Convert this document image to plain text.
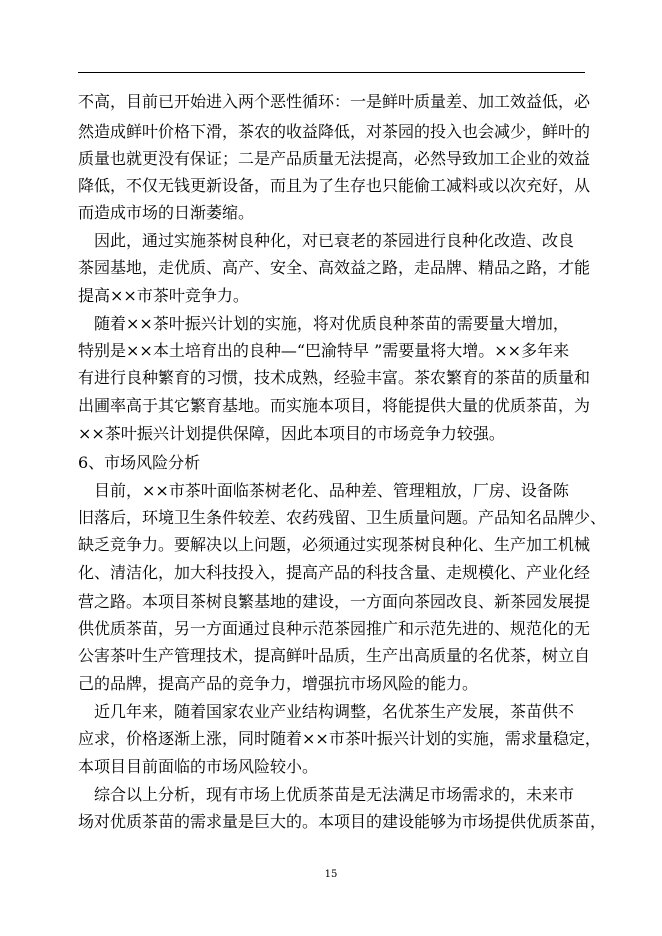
不高，目前已开始进入两个恶性循环：一是鲜叶质量差、加工效益低，必
然造成鲜叶价格下滑，茶农的收益降低，对茶园的投入也会减少，鲜叶的
质量也就更没有保证；二是产品质量无法提高，必然导致加工企业的效益
降低，不仅无钱更新设备，而且为了生存也只能偷工减料或以次充好，从
而造成市场的日渐萎缩。
　因此，通过实施茶树良种化，对已衰老的茶园进行良种化改造、改良
茶园基地，走优质、高产、安全、高效益之路，走品牌、精品之路，才能
提高××市茶叶竞争力。
　随着××茶叶振兴计划的实施，将对优质良种茶苗的需要量大增加，
特别是××本土培育出的良种—“巴渝特早 ”需要量将大增。××多年来
有进行良种繁育的习惯，技术成熟，经验丰富。茶农繁育的茶苗的质量和
出圃率高于其它繁育基地。而实施本项目，将能提供大量的优质茶苗，为
××茶叶振兴计划提供保障，因此本项目的市场竞争力较强。
6、市场风险分析
　目前，××市茶叶面临茶树老化、品种差、管理粗放，厂房、设备陈
旧落后，环境卫生条件较差、农药残留、卫生质量问题。产品知名品牌少、
缺乏竞争力。要解决以上问题，必须通过实现茶树良种化、生产加工机械
化、清洁化，加大科技投入，提高产品的科技含量、走规模化、产业化经
营之路。本项目茶树良繁基地的建设，一方面向茶园改良、新茶园发展提
供优质茶苗，另一方面通过良种示范茶园推广和示范先进的、规范化的无
公害茶叶生产管理技术，提高鲜叶品质，生产出高质量的名优茶，树立自
己的品牌，提高产品的竞争力，增强抗市场风险的能力。
　近几年来，随着国家农业产业结构调整，名优茶生产发展，茶苗供不
应求，价格逐渐上涨，同时随着××市茶叶振兴计划的实施，需求量稳定，
本项目目前面临的市场风险较小。
　综合以上分析，现有市场上优质茶苗是无法满足市场需求的，未来市
场对优质茶苗的需求量是巨大的。本项目的建设能够为市场提供优质茶苗，
15
